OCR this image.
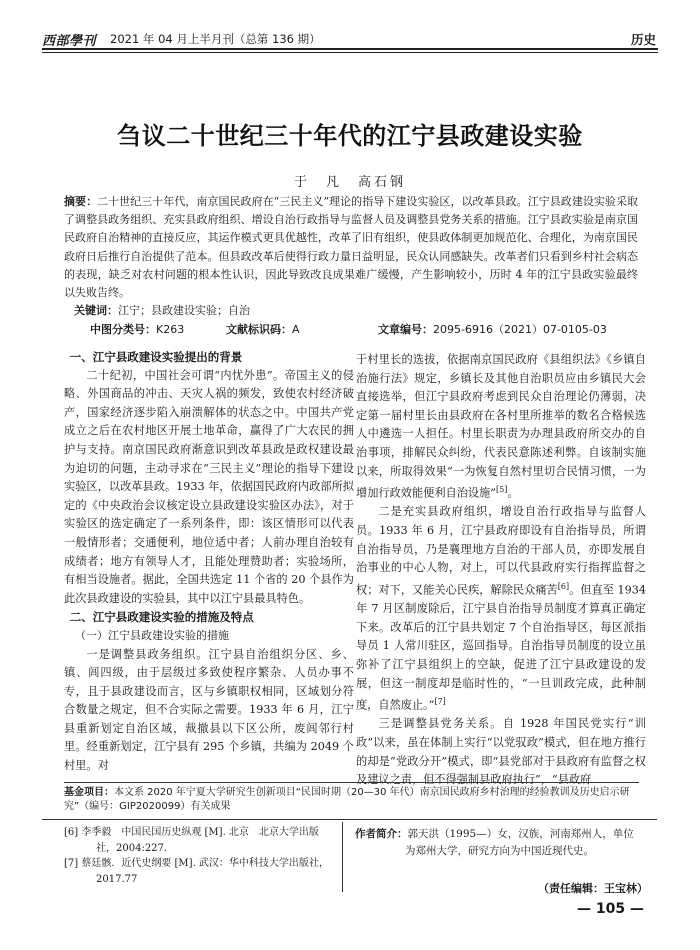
西部學刊 2021 年 04 月上半月刊（总第 136 期）	历史
刍议二十世纪三十年代的江宁县政建设实验
于　凡　高石钢
摘要：二十世纪三十年代，南京国民政府在“三民主义”理论的指导下建设实验区，以改革县政。江宁县政建设实验采取了调整县政务组织、充实县政府组织、增设自治行政指导与监督人员及调整县党务关系的措施。江宁县政实验是南京国民政府自治精神的直接反应，其运作模式更具优越性，改革了旧有组织，使县政体制更加规范化、合理化，为南京国民政府日后推行自治提供了范本。但县政改革后使得行政力量日益明显，民众认同感缺失。改革者们只看到乡村社会病态的表现，缺乏对农村问题的根本性认识，因此导致改良成果难广缓慢，产生影响较小，历时 4 年的江宁县政实验最终以失败告终。
关键词：江宁；县政建设实验；自治
中图分类号：K263	文献标识码：A	文章编号：2095-6916（2021）07-0105-03

一、江宁县政建设实验提出的背景

二十纪初，中国社会可谓“内忧外患”。帝国主义的侵略、外国商品的冲击、天灾人祸的频发，致使农村经济破产，国家经济逐步陷入崩溃解体的状态之中。中国共产党成立之后在农村地区开展土地革命，赢得了广大农民的拥护与支持。南京国民政府渐意识到改革县政是政权建设最为迫切的问题，主动寻求在“三民主义”理论的指导下建设实验区，以改革县政。1933 年，依据国民政府内政部所拟定的《中央政治会议核定设立县政建设实验区办法》，对于实验区的选定确定了一系列条件，即：该区情形可以代表一般情形者；交通便利，地位适中者；人前办理自治较有成绩者；地方有领导人才，且能处理赞助者；实验场所，有相当设施者。据此，全国共选定 11 个省的 20 个县作为此次县政建设的实验县，其中以江宁县最具特色。

二、江宁县政建设实验的措施及特点

（一）江宁县政建设实验的措施

一是调整县政务组织。江宁县自治组织分区、乡、镇、闾四级，由于层级过多致使程序繁杂、人员办事不专，且于县政建设而言，区与乡镇职权相同，区域划分符合数量之规定，但不合实际之需要。1933 年 6 月，江宁县重新划定自治区域，裁撤县以下区公所，废闾邻行村里。经重新划定，江宁县有 295 个乡镇，共编为 2049 个村里。对

于村里长的选拔，依据南京国民政府《县组织法》《乡镇自治施行法》规定，乡镇长及其他自治职员应由乡镇民大会直接选举，但江宁县政府考虑到民众自治理论仍薄弱，决定第一届村里长由县政府在各村里所推举的数名合格候选人中遴选一人担任。村里长职责为办理县政府所交办的自治事项，排解民众纠纷，代表民意陈述利弊。自该制实施以来，所取得效果“一为恢复自然村里切合民情习惯，一为增加行政效能便利自治设施”[5]。

二是充实县政府组织，增设自治行政指导与监督人员。1933 年 6 月，江宁县政府即设有自治指导员，所谓自治指导员，乃是襄理地方自治的干部人员，亦即发展自治事业的中心人物，对上，可以代县政府实行指挥监督之权；对下，又能关心民疾，解除民众痛苦[6]。但直至 1934 年 7 月区制废除后，江宁县自治指导员制度才算真正确定下来。改革后的江宁县共划定 7 个自治指导区，每区派指导员 1 人常川驻区，巡回指导。自治指导员制度的设立虽弥补了江宁县组织上的空缺，促进了江宁县政建设的发展，但这一制度却是临时性的，“一旦训政完成，此种制度，自然废止。”[7]

三是调整县党务关系。自 1928 年国民党实行“训政”以来，虽在体制上实行“以党驭政”模式，但在地方推行的却是“党政分开”模式，即“县党部对于县政府有监督之权及建议之责，但不得强制县政府执行”，“县政府

基金项目：本文系 2020 年宁夏大学研究生创新项目“民国时期（20—30 年代）南京国民政府乡村治理的经验教训及历史启示研究”（编号：GIP2020099）有关成果
[6] 李季毅　中国民国历史纵观 [M]. 北京　北京大学出版社，2004:227.
[7] 蔡廷骸．近代史纲要 [M]. 武汉：华中科技大学出版社，2017.77
作者简介：郭天洪（1995—）女，汉族，河南郑州人，单位
为郑州大学，研究方向为中国近现代史。
（责任编辑：王宝林）
— 105 —
